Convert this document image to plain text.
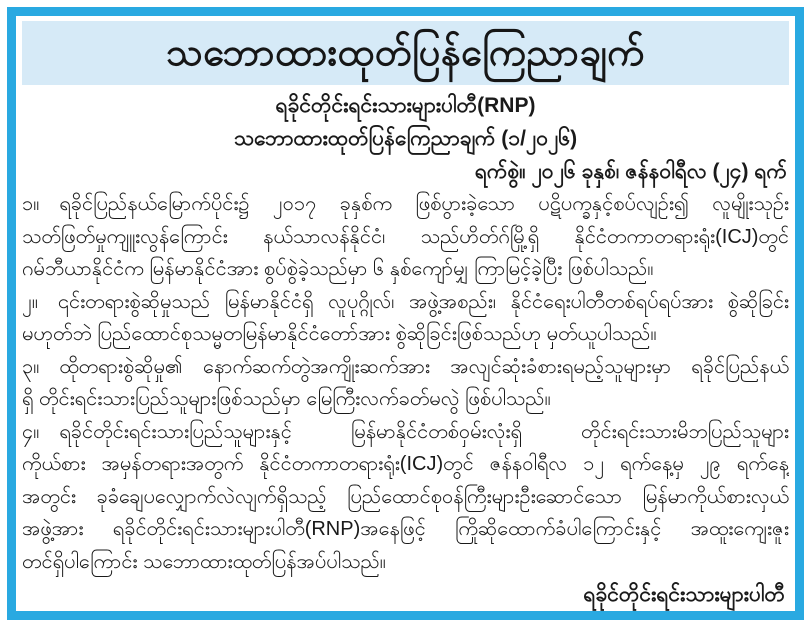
သဘောထားထုတ်ပြန်ကြေညာချက်
ရခိုင်တိုင်းရင်းသားများပါတီ(RNP)
သဘောထားထုတ်ပြန်ကြေညာချက် (၁/၂၀၂၆)
ရက်စွဲ။ ၂၀၂၆ ခုနှစ်၊ ဇန်နဝါရီလ (၂၄) ရက်
၁။ ရခိုင်ပြည်နယ်မြောက်ပိုင်း၌ ၂၀၁၇ ခုနှစ်က ဖြစ်ပွားခဲ့သော ပဋိပက္ခနှင့်စပ်လျဉ်း၍ လူမျိုးသုဉ်း
သတ်ဖြတ်မှုကျူးလွန်ကြောင်း နယ်သာလန်နိုင်ငံ၊ သည်ဟိတ်ဂ်မြို့ရှိ နိုင်ငံတကာတရားရုံး(ICJ)တွင်
ဂမ်ဘီယာနိုင်ငံက မြန်မာနိုင်ငံအား စွပ်စွဲခဲ့သည်မှာ ၆ နှစ်ကျော်မျှ ကြာမြင့်ခဲ့ပြီး ဖြစ်ပါသည်။
၂။ ၎င်းတရားစွဲဆိုမှုသည် မြန်မာနိုင်ငံရှိ လူပုဂ္ဂိုလ်၊ အဖွဲ့အစည်း၊ နိုင်ငံရေးပါတီတစ်ရပ်ရပ်အား စွဲဆိုခြင်း
မဟုတ်ဘဲ ပြည်ထောင်စုသမ္မတမြန်မာနိုင်ငံတော်အား စွဲဆိုခြင်းဖြစ်သည်ဟု မှတ်ယူပါသည်။
၃။ ထိုတရားစွဲဆိုမှု၏ နောက်ဆက်တွဲအကျိုးဆက်အား အလျင်ဆုံးခံစားရမည့်သူများမှာ ရခိုင်ပြည်နယ်
ရှိ တိုင်းရင်းသားပြည်သူများဖြစ်သည်မှာ မြေကြီးလက်ခတ်မလွဲ ဖြစ်ပါသည်။
၄။ ရခိုင်တိုင်းရင်းသားပြည်သူများနှင့် မြန်မာနိုင်ငံတစ်ဝှမ်းလုံးရှိ တိုင်းရင်းသားမိဘပြည်သူများ
ကိုယ်စား အမှန်တရားအတွက် နိုင်ငံတကာတရားရုံး(ICJ)တွင် ဇန်နဝါရီလ ၁၂ ရက်နေ့မှ ၂၉ ရက်နေ့
အတွင်း ခုခံချေပလျှောက်လဲလျက်ရှိသည့် ပြည်ထောင်စုဝန်ကြီးများဦးဆောင်သော မြန်မာကိုယ်စားလှယ်
အဖွဲ့အား ရခိုင်တိုင်းရင်းသားများပါတီ(RNP)အနေဖြင့် ကြိုဆိုထောက်ခံပါကြောင်းနှင့် အထူးကျေးဇူး
တင်ရှိပါကြောင်း သဘောထားထုတ်ပြန်အပ်ပါသည်။
ရခိုင်တိုင်းရင်းသားများပါတီ
